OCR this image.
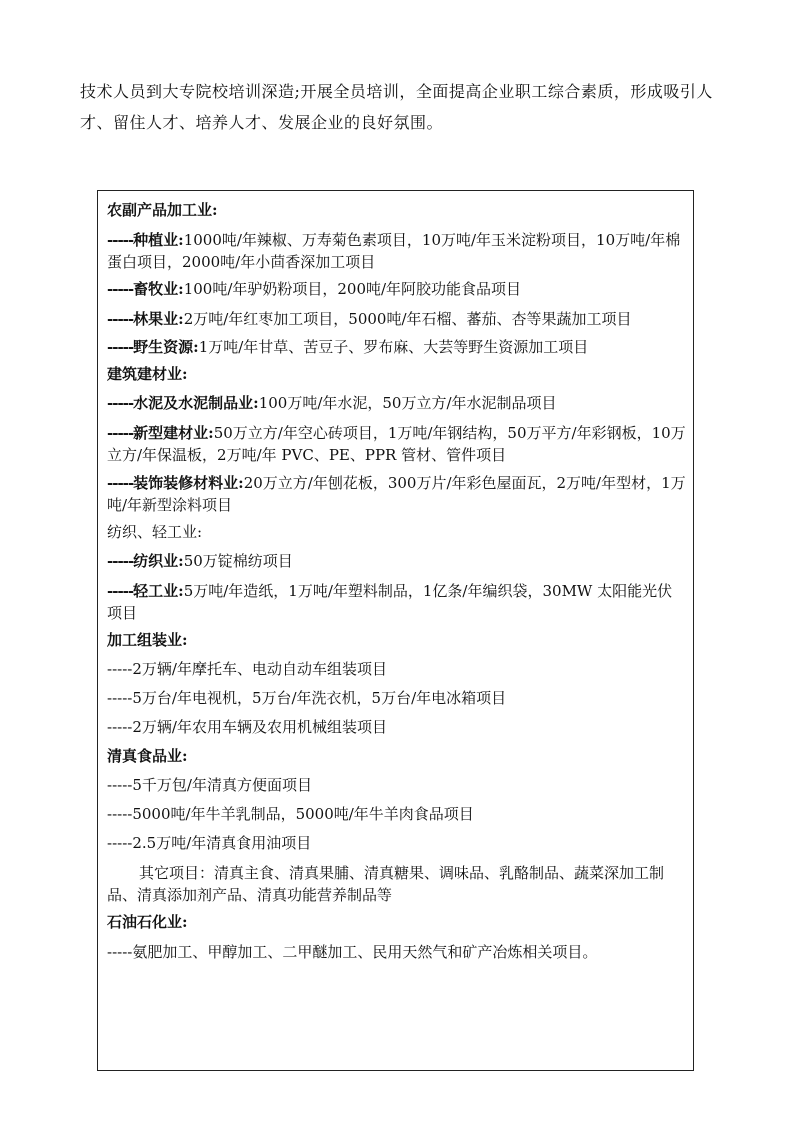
技术人员到大专院校培训深造;开展全员培训，全面提高企业职工综合素质，形成吸引人才、留住人才、培养人才、发展企业的良好氛围。
农副产品加工业:
-----种植业:1000吨/年辣椒、万寿菊色素项目，10万吨/年玉米淀粉项目，10万吨/年棉蛋白项目，2000吨/年小茴香深加工项目
-----畜牧业:100吨/年驴奶粉项目，200吨/年阿胶功能食品项目
-----林果业:2万吨/年红枣加工项目，5000吨/年石榴、蕃茄、杏等果蔬加工项目
-----野生资源:1万吨/年甘草、苦豆子、罗布麻、大芸等野生资源加工项目
建筑建材业:
-----水泥及水泥制品业:100万吨/年水泥，50万立方/年水泥制品项目
-----新型建材业:50万立方/年空心砖项目，1万吨/年钢结构，50万平方/年彩钢板，10万立方/年保温板，2万吨/年 PVC、PE、PPR 管材、管件项目
-----装饰装修材料业:20万立方/年刨花板，300万片/年彩色屋面瓦，2万吨/年型材，1万吨/年新型涂料项目
纺织、轻工业:
-----纺织业:50万锭棉纺项目
-----轻工业:5万吨/年造纸，1万吨/年塑料制品，1亿条/年编织袋，30MW 太阳能光伏项目
加工组装业:
-----2万辆/年摩托车、电动自动车组装项目
-----5万台/年电视机，5万台/年洗衣机，5万台/年电冰箱项目
-----2万辆/年农用车辆及农用机械组装项目
清真食品业:
-----5千万包/年清真方便面项目
-----5000吨/年牛羊乳制品，5000吨/年牛羊肉食品项目
-----2.5万吨/年清真食用油项目
其它项目：清真主食、清真果脯、清真糖果、调味品、乳酪制品、蔬菜深加工制品、清真添加剂产品、清真功能营养制品等
石油石化业:
-----氨肥加工、甲醇加工、二甲醚加工、民用天然气和矿产冶炼相关项目。
